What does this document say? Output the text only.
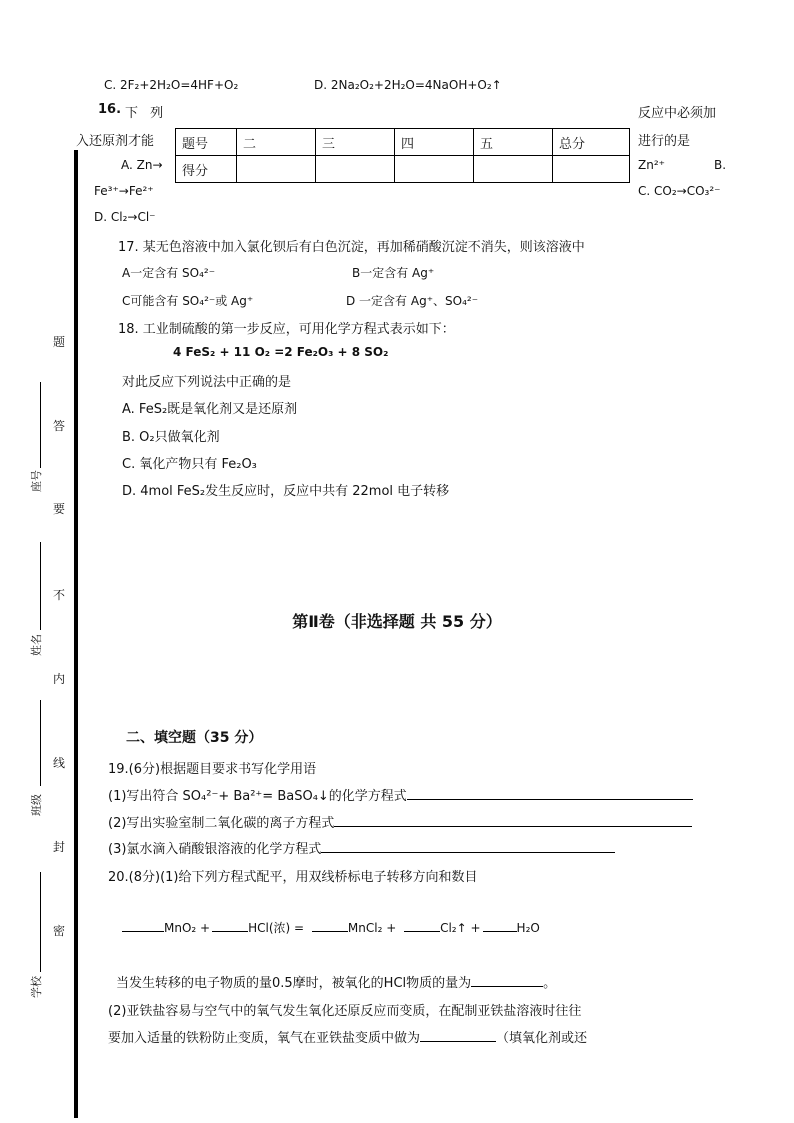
题
答
要
不
内
线
封
密
座号
姓名
班级
学校
C. 2F₂+2H₂O=4HF+O₂	D. 2Na₂O₂+2H₂O=4NaOH+O₂↑
16. 下 列	反应中必须加
入还原剂才能	进行的是
A. Zn→	Zn²⁺	B.
Fe³⁺→Fe²⁺	C. CO₂→CO₃²⁻
D. Cl₂→Cl⁻
题号	二	三	四	五	总分
得分					
17. 某无色溶液中加入氯化钡后有白色沉淀，再加稀硝酸沉淀不消失，则该溶液中
A一定含有 SO₄²⁻	B一定含有 Ag⁺
C可能含有 SO₄²⁻或 Ag⁺	D 一定含有 Ag⁺、SO₄²⁻
18. 工业制硫酸的第一步反应，可用化学方程式表示如下：
4 FeS₂ + 11 O₂ =2 Fe₂O₃ + 8 SO₂
对此反应下列说法中正确的是
A. FeS₂既是氧化剂又是还原剂
B. O₂只做氧化剂
C. 氧化产物只有 Fe₂O₃
D. 4mol FeS₂发生反应时，反应中共有 22mol 电子转移
第Ⅱ卷（非选择题 共 55 分）
二、填空题（35 分）
19.(6分)根据题目要求书写化学用语
(1)写出符合 SO₄²⁻+ Ba²⁺= BaSO₄↓的化学方程式
(2)写出实验室制二氧化碳的离子方程式
(3)氯水滴入硝酸银溶液的化学方程式
20.(8分)(1)给下列方程式配平，用双线桥标电子转移方向和数目
MnO₂ +	HCl(浓) =	MnCl₂ +	Cl₂↑ +	H₂O
当发生转移的电子物质的量0.5摩时，被氧化的HCl物质的量为	。
(2)亚铁盐容易与空气中的氧气发生氧化还原反应而变质，在配制亚铁盐溶液时往往
要加入适量的铁粉防止变质，氧气在亚铁盐变质中做为	（填氧化剂或还
